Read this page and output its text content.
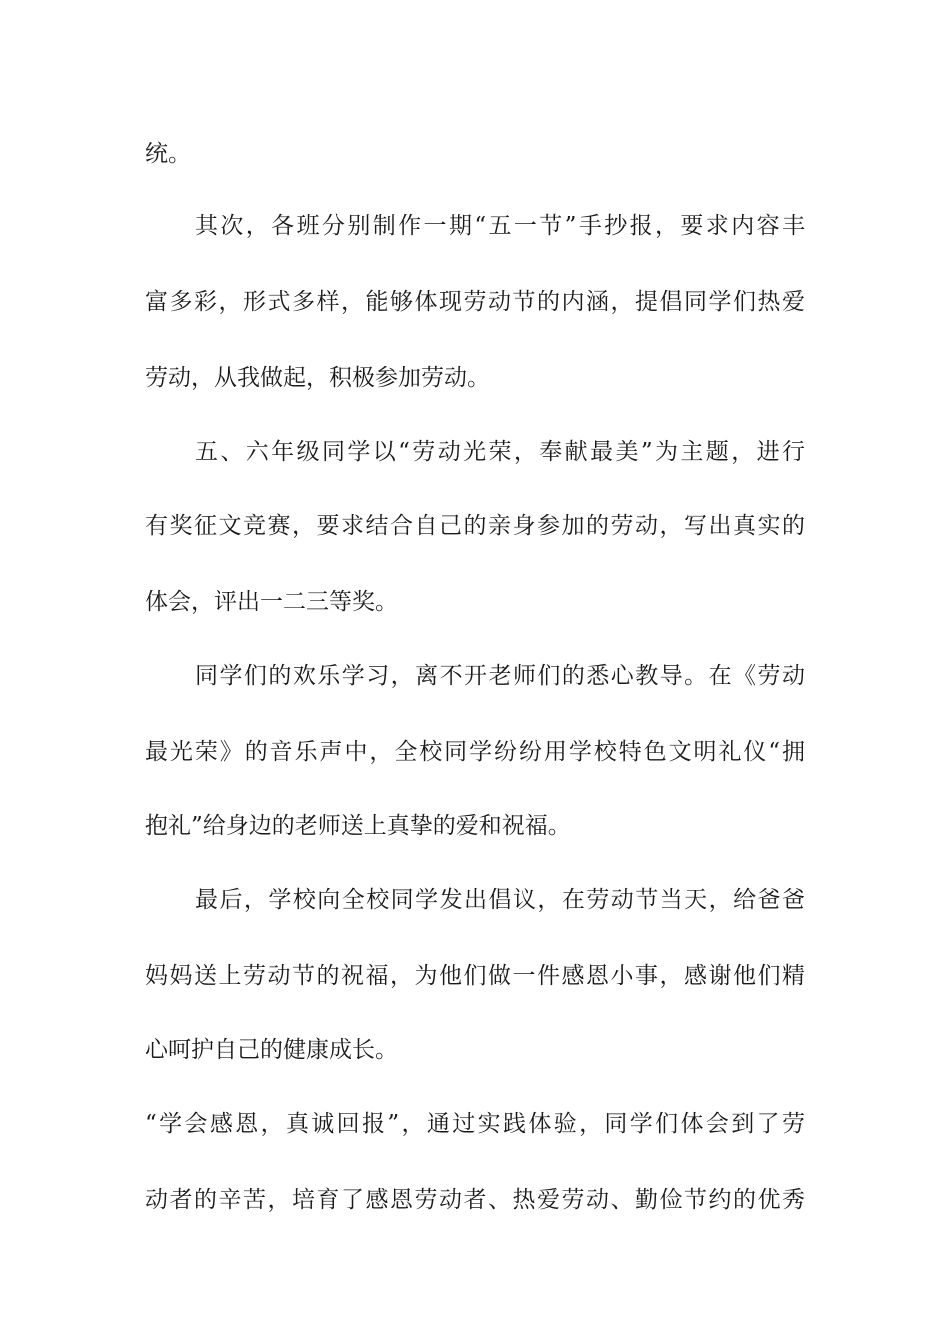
统。
其次，各班分别制作一期“五一节”手抄报，要求内容丰
富多彩，形式多样，能够体现劳动节的内涵，提倡同学们热爱
劳动，从我做起，积极参加劳动。
五、六年级同学以“劳动光荣，奉献最美”为主题，进行
有奖征文竞赛，要求结合自己的亲身参加的劳动，写出真实的
体会，评出一二三等奖。
同学们的欢乐学习，离不开老师们的悉心教导。在《劳动
最光荣》的音乐声中，全校同学纷纷用学校特色文明礼仪“拥
抱礼”给身边的老师送上真挚的爱和祝福。
最后，学校向全校同学发出倡议，在劳动节当天，给爸爸
妈妈送上劳动节的祝福，为他们做一件感恩小事，感谢他们精
心呵护自己的健康成长。
“学会感恩，真诚回报”，通过实践体验，同学们体会到了劳
动者的辛苦，培育了感恩劳动者、热爱劳动、勤俭节约的优秀
